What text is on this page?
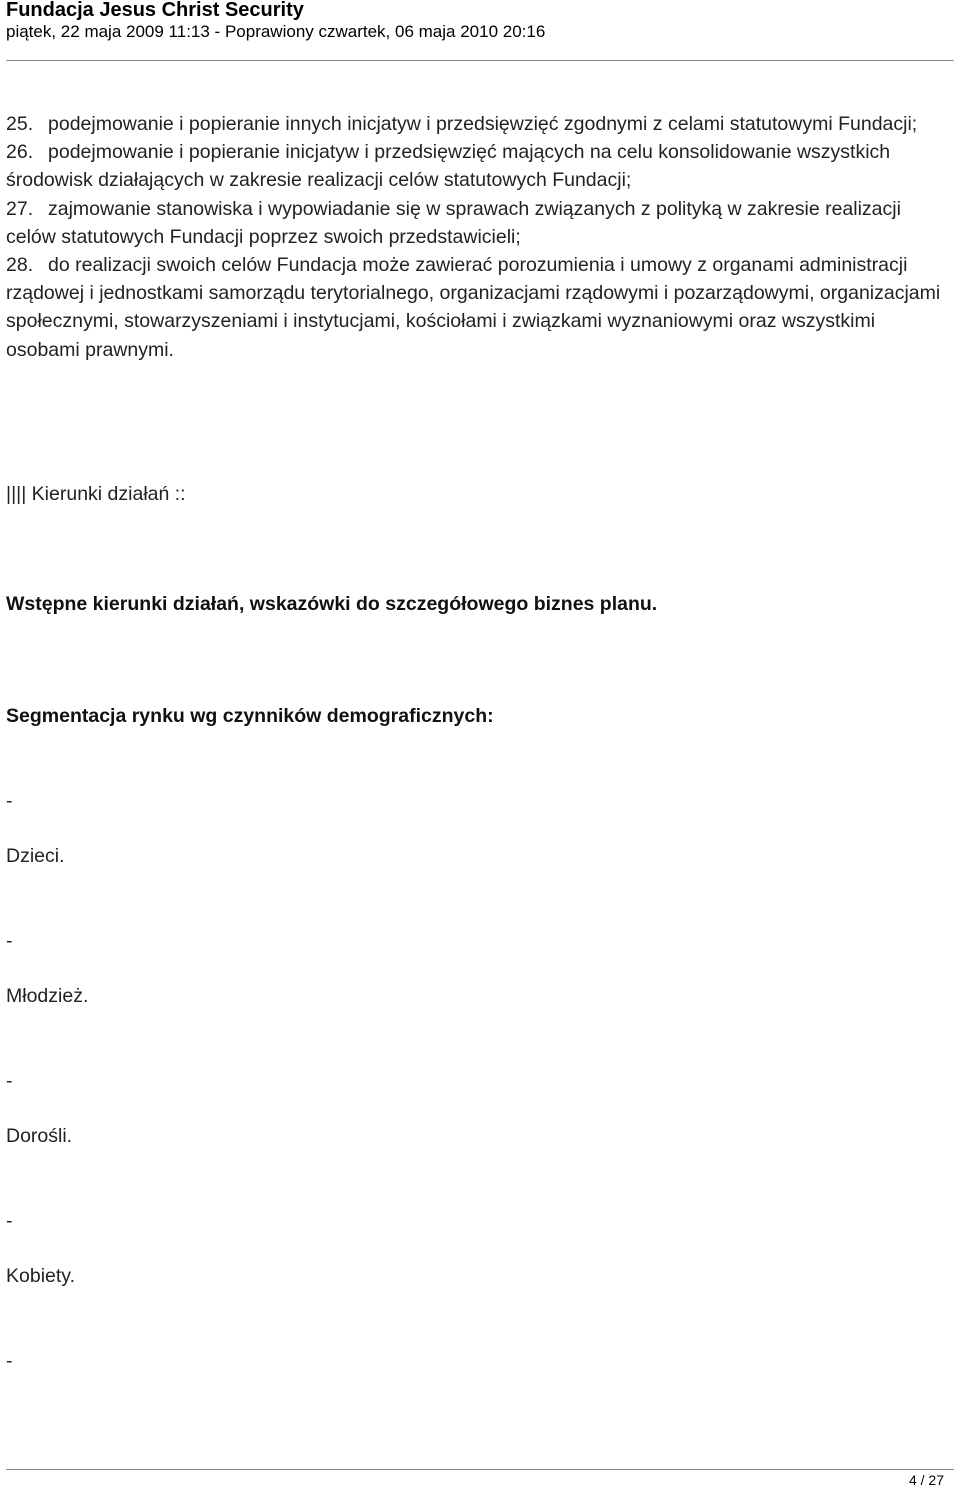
Fundacja Jesus Christ Security
piątek, 22 maja 2009 11:13 - Poprawiony czwartek, 06 maja 2010 20:16

25. podejmowanie i popieranie innych inicjatyw i przedsięwzięć zgodnymi z celami statutowymi Fundacji;

26. podejmowanie i popieranie inicjatyw i przedsięwzięć mających na celu konsolidowanie wszystkich środowisk działających w zakresie realizacji celów statutowych Fundacji;

27. zajmowanie stanowiska i wypowiadanie się w sprawach związanych z polityką w zakresie realizacji celów statutowych Fundacji poprzez swoich przedstawicieli;

28. do realizacji swoich celów Fundacja może zawierać porozumienia i umowy z organami administracji rządowej i jednostkami samorządu terytorialnego, organizacjami rządowymi i pozarządowymi, organizacjami społecznymi, stowarzyszeniami i instytucjami, kościołami i związkami wyznaniowymi oraz wszystkimi osobami prawnymi.

|||| Kierunki działań ::
Wstępne kierunki działań, wskazówki do szczegółowego biznes planu.
Segmentacja rynku wg czynników demograficznych:
-
Dzieci.
-
Młodzież.
-
Dorośli.
-
Kobiety.
-
4 / 27
